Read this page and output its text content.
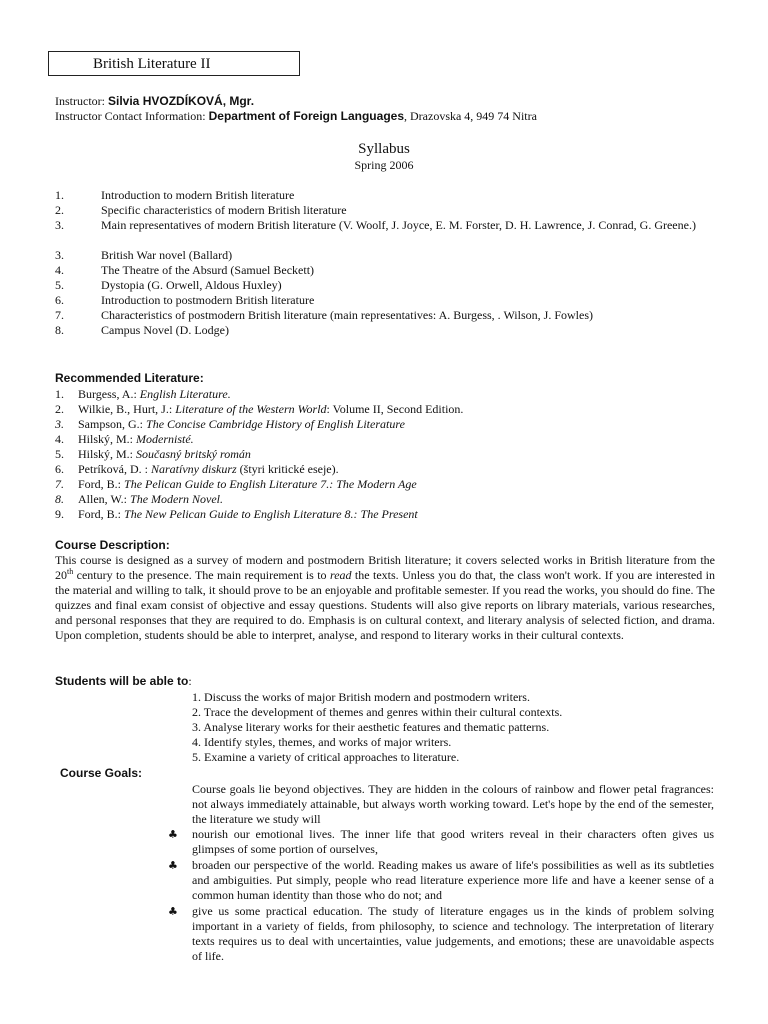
British Literature II
Instructor: Silvia HVOZDÍKOVÁ, Mgr.
Instructor Contact Information: Department of Foreign Languages, Drazovska 4, 949 74 Nitra
Syllabus
Spring 2006
1.	Introduction to modern British literature
2.	Specific characteristics of modern British literature
3.	Main representatives of modern British literature (V. Woolf, J. Joyce, E. M. Forster, D. H. Lawrence, J. Conrad, G. Greene.)
3.	British War novel (Ballard)
4.	The Theatre of the Absurd (Samuel Beckett)
5.	Dystopia (G. Orwell, Aldous Huxley)
6.	Introduction to postmodern British literature
7.	Characteristics of postmodern British literature (main representatives: A. Burgess, . Wilson, J. Fowles)
8.	Campus Novel (D. Lodge)
Recommended Literature:
1. Burgess, A.: English Literature.
2. Wilkie, B., Hurt, J.: Literature of the Western World: Volume II, Second Edition.
3. Sampson, G.: The Concise Cambridge History of English Literature
4. Hilský, M.: Modernisté.
5. Hilský, M.: Současný britský román
6. Petríková, D. : Naratívny diskurz (štyri kritické eseje).
7. Ford, B.: The Pelican Guide to English Literature 7.: The Modern Age
8. Allen, W.: The Modern Novel.
9. Ford, B.: The New Pelican Guide to English Literature 8.: The Present
Course Description:
This course is designed as a survey of modern and postmodern British literature; it covers selected works in British literature from the 20th century to the presence. The main requirement is to read the texts. Unless you do that, the class won't work. If you are interested in the material and willing to talk, it should prove to be an enjoyable and profitable semester. If you read the works, you should do fine. The quizzes and final exam consist of objective and essay questions. Students will also give reports on library materials, various researches, and personal responses that they are required to do. Emphasis is on cultural context, and literary analysis of selected fiction, and drama. Upon completion, students should be able to interpret, analyse, and respond to literary works in their cultural contexts.
Students will be able to:
1. Discuss the works of major British modern and postmodern writers.
2. Trace the development of themes and genres within their cultural contexts.
3. Analyse literary works for their aesthetic features and thematic patterns.
4. Identify styles, themes, and works of major writers.
5. Examine a variety of critical approaches to literature.
Course Goals:
Course goals lie beyond objectives. They are hidden in the colours of rainbow and flower petal fragrances: not always immediately attainable, but always worth working toward. Let's hope by the end of the semester, the literature we study will
♣ nourish our emotional lives. The inner life that good writers reveal in their characters often gives us glimpses of some portion of ourselves,
♣ broaden our perspective of the world. Reading makes us aware of life's possibilities as well as its subtleties and ambiguities. Put simply, people who read literature experience more life and have a keener sense of a common human identity than those who do not; and
♣ give us some practical education. The study of literature engages us in the kinds of problem solving important in a variety of fields, from philosophy, to science and technology. The interpretation of literary texts requires us to deal with uncertainties, value judgements, and emotions; these are unavoidable aspects of life.
